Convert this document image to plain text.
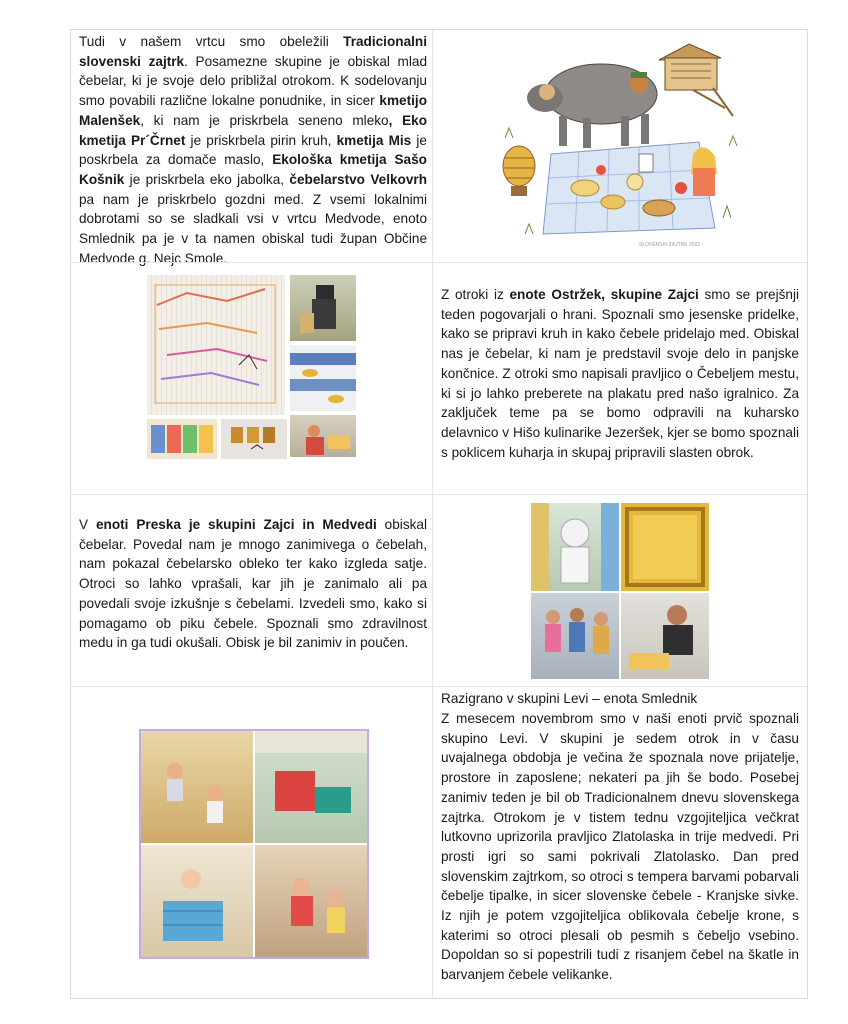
Tudi v našem vrtcu smo obeležili Tradicionalni slovenski zajtrk. Posamezne skupine je obiskal mlad čebelar, ki je svoje delo približal otrokom. K sodelovanju smo povabili različne lokalne ponudnike, in sicer kmetijo Malenšek, ki nam je priskrbela seneno mleko, Eko kmetija Pr´Črnet je priskrbela pirin kruh, kmetija Mis je poskrbela za domače maslo, Ekološka kmetija Sašo Košnik je priskrbela eko jabolka, čebelarstvo Velkovrh pa nam je priskrbelo gozdni med. Z vsemi lokalnimi dobrotami so se sladkali vsi v vrtcu Medvode, enoto Smlednik pa je v ta namen obiskal tudi župan Občine Medvode g. Nejc Smole.
SLOVENSKI ZAJTRK 2022
Z otroki iz enote Ostržek, skupine Zajci smo se prejšnji teden pogovarjali o hrani. Spoznali smo jesenske pridelke, kako se pripravi kruh in kako čebele pridelajo med. Obiskal nas je čebelar, ki nam je predstavil svoje delo in panjske končnice. Z otroki smo napisali pravljico o Čebeljem mestu, ki si jo lahko preberete na plakatu pred našo igralnico. Za zaključek teme pa se bomo odpravili na kuharsko delavnico v Hišo kulinarike Jezeršek, kjer se bomo spoznali s poklicem kuharja in skupaj pripravili slasten obrok.
V enoti Preska je skupini Zajci in Medvedi obiskal čebelar. Povedal nam je mnogo zanimivega o čebelah, nam pokazal čebelarsko obleko ter kako izgleda satje. Otroci so lahko vprašali, kar jih je zanimalo ali pa povedali svoje izkušnje s čebelami. Izvedeli smo, kako si pomagamo ob piku čebele. Spoznali smo zdravilnost medu in ga tudi okušali. Obisk je bil zanimiv in poučen.
Razigrano v skupini Levi – enota Smlednik
Z mesecem novembrom smo v naši enoti prvič spoznali skupino Levi. V skupini je sedem otrok in v času uvajalnega obdobja je večina že spoznala nove prijatelje, prostore in zaposlene; nekateri pa jih še bodo. Posebej zanimiv teden je bil ob Tradicionalnem dnevu slovenskega zajtrka. Otrokom je v tistem tednu vzgojiteljica večkrat lutkovno uprizorila pravljico Zlatolaska in trije medvedi. Pri prosti igri so sami pokrivali Zlatolasko. Dan pred slovenskim zajtrkom, so otroci s tempera barvami pobarvali čebelje tipalke, in sicer slovenske čebele - Kranjske sivke. Iz njih je potem vzgojiteljica oblikovala čebelje krone, s katerimi so otroci plesali ob pesmih s čebeljo vsebino. Dopoldan so si popestrili tudi z risanjem čebel na škatle in barvanjem čebele velikanke.
